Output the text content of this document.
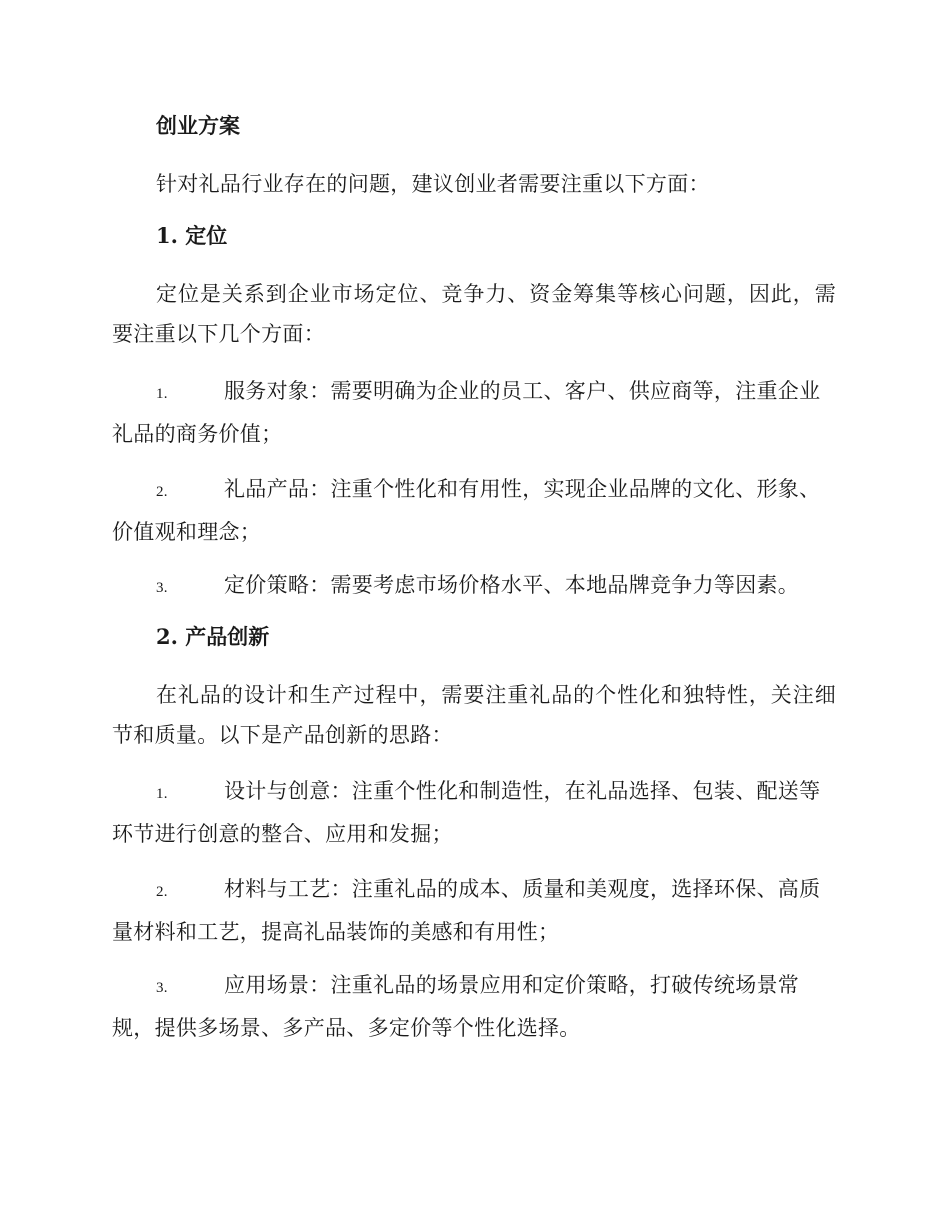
创业方案
针对礼品行业存在的问题，建议创业者需要注重以下方面：
1. 定位
定位是关系到企业市场定位、竞争力、资金筹集等核心问题，因此，需要注重以下几个方面：
1.	服务对象：需要明确为企业的员工、客户、供应商等，注重企业礼品的商务价值；
2.	礼品产品：注重个性化和有用性，实现企业品牌的文化、形象、价值观和理念；
3.	定价策略：需要考虑市场价格水平、本地品牌竞争力等因素。
2. 产品创新
在礼品的设计和生产过程中，需要注重礼品的个性化和独特性，关注细节和质量。以下是产品创新的思路：
1.	设计与创意：注重个性化和制造性，在礼品选择、包装、配送等环节进行创意的整合、应用和发掘；
2.	材料与工艺：注重礼品的成本、质量和美观度，选择环保、高质量材料和工艺，提高礼品装饰的美感和有用性；
3.	应用场景：注重礼品的场景应用和定价策略，打破传统场景常规，提供多场景、多产品、多定价等个性化选择。
